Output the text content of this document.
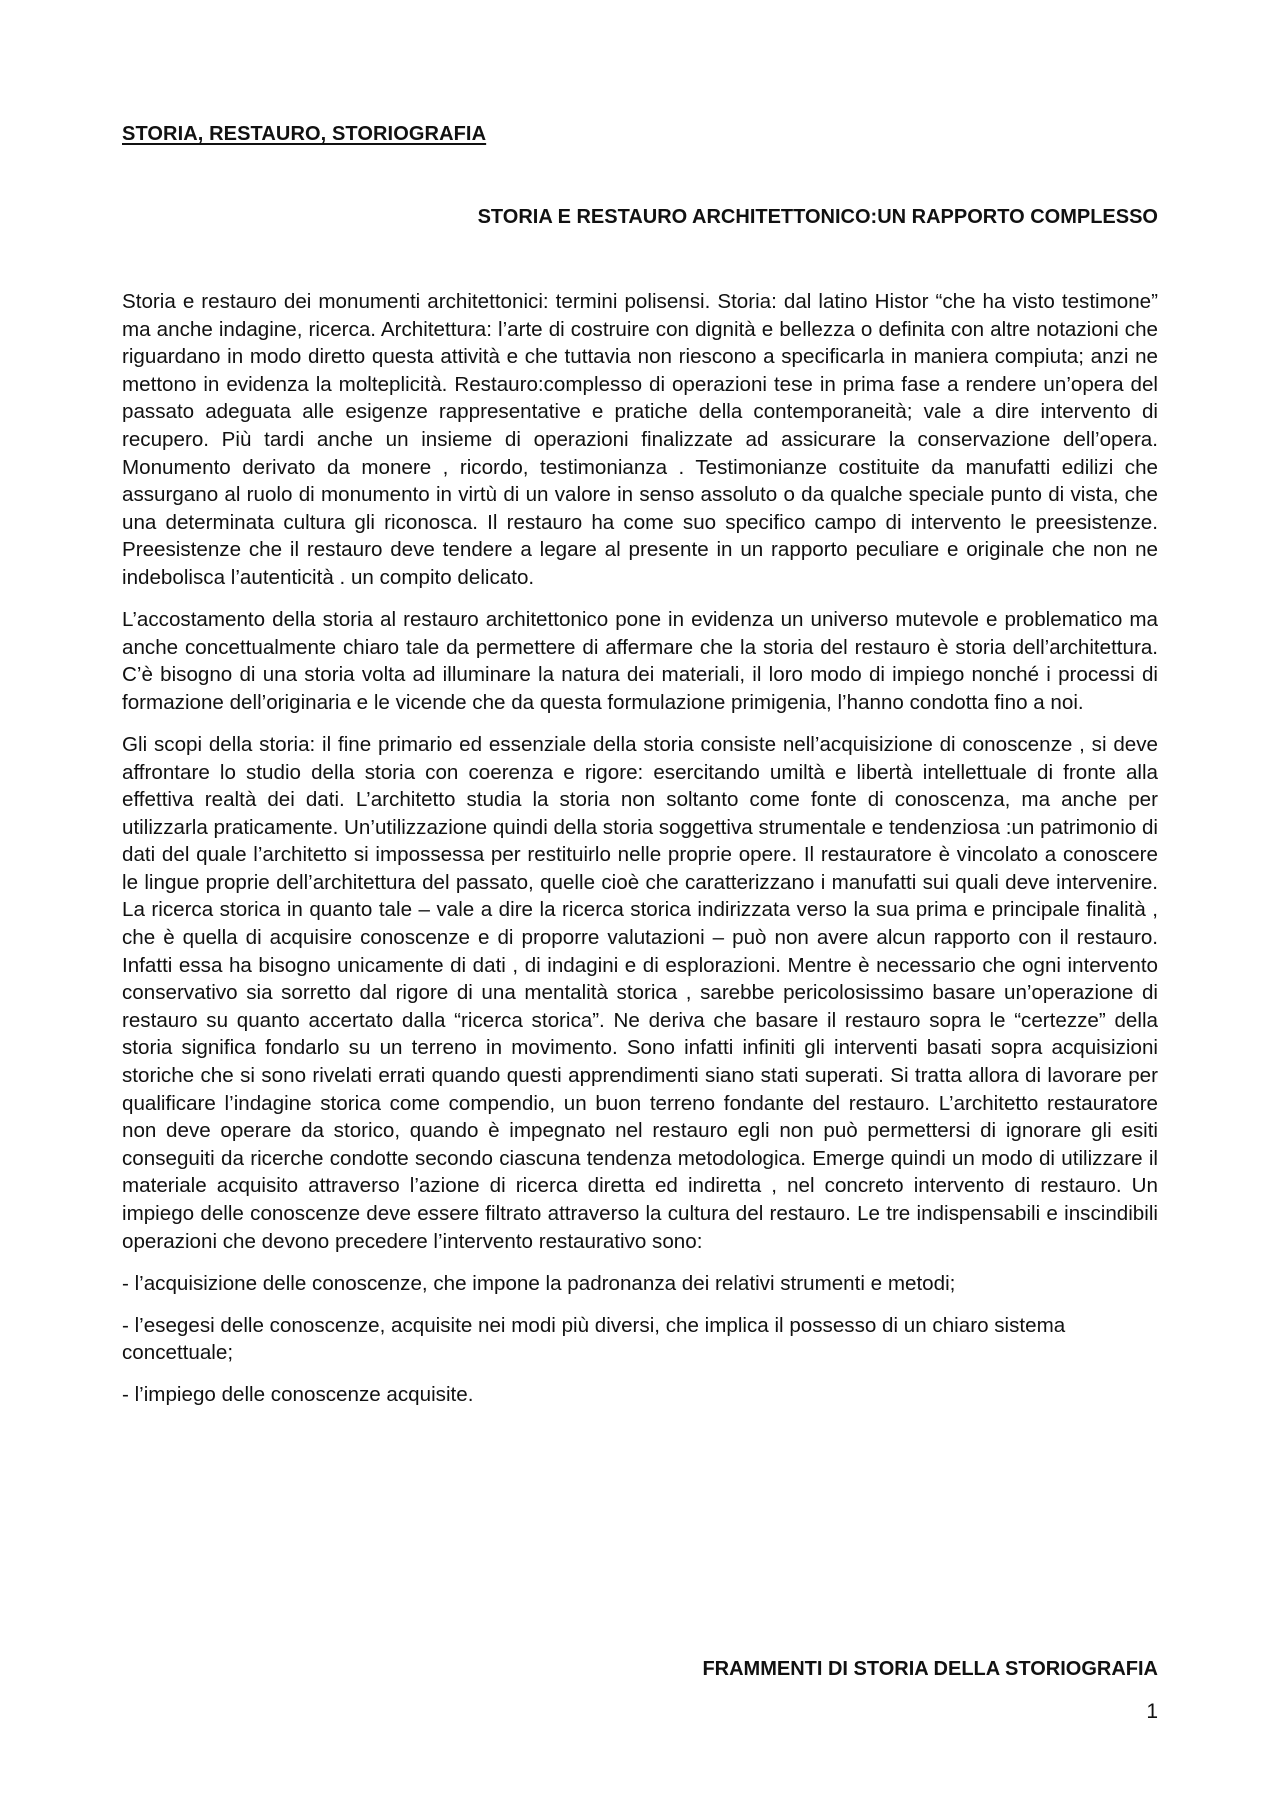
STORIA, RESTAURO, STORIOGRAFIA
STORIA E RESTAURO ARCHITETTONICO:UN RAPPORTO COMPLESSO

Storia e restauro dei monumenti architettonici: termini polisensi. Storia: dal latino Histor “che ha visto testimone” ma anche indagine, ricerca. Architettura: l’arte di costruire con dignità e bellezza o definita con altre notazioni che riguardano in modo diretto questa attività e che tuttavia non riescono a specificarla in maniera compiuta; anzi ne mettono in evidenza la molteplicità. Restauro:complesso di operazioni tese in prima fase a rendere un’opera del passato adeguata alle esigenze rappresentative e pratiche della contemporaneità; vale a dire intervento di recupero. Più tardi anche un insieme di operazioni finalizzate ad assicurare la conservazione dell’opera. Monumento derivato da monere , ricordo, testimonianza . Testimonianze costituite da manufatti edilizi che assurgano al ruolo di monumento in virtù di un valore in senso assoluto o da qualche speciale punto di vista, che una determinata cultura gli riconosca. Il restauro ha come suo specifico campo di intervento le preesistenze. Preesistenze che il restauro deve tendere a legare al presente in un rapporto peculiare e originale che non ne indebolisca l’autenticità . un compito delicato.

L’accostamento della storia al restauro architettonico pone in evidenza un universo mutevole e problematico ma anche concettualmente chiaro tale da permettere di affermare che la storia del restauro è storia dell’architettura. C’è bisogno di una storia volta ad illuminare la natura dei materiali, il loro modo di impiego nonché i processi di formazione dell’originaria e le vicende che da questa formulazione primigenia, l’hanno condotta fino a noi.

Gli scopi della storia: il fine primario ed essenziale della storia consiste nell’acquisizione di conoscenze , si deve affrontare lo studio della storia con coerenza e rigore: esercitando umiltà e libertà intellettuale di fronte alla effettiva realtà dei dati. L’architetto studia la storia non soltanto come fonte di conoscenza, ma anche per utilizzarla praticamente. Un’utilizzazione quindi della storia soggettiva strumentale e tendenziosa :un patrimonio di dati del quale l’architetto si impossessa per restituirlo nelle proprie opere. Il restauratore è vincolato a conoscere le lingue proprie dell’architettura del passato, quelle cioè che caratterizzano i manufatti sui quali deve intervenire. La ricerca storica in quanto tale – vale a dire la ricerca storica indirizzata verso la sua prima e principale finalità , che è quella di acquisire conoscenze e di proporre valutazioni – può non avere alcun rapporto con il restauro. Infatti essa ha bisogno unicamente di dati , di indagini e di esplorazioni. Mentre è necessario che ogni intervento conservativo sia sorretto dal rigore di una mentalità storica , sarebbe pericolosissimo basare un’operazione di restauro su quanto accertato dalla “ricerca storica”. Ne deriva che basare il restauro sopra le “certezze” della storia significa fondarlo su un terreno in movimento. Sono infatti infiniti gli interventi basati sopra acquisizioni storiche che si sono rivelati errati quando questi apprendimenti siano stati superati. Si tratta allora di lavorare per qualificare l’indagine storica come compendio, un buon terreno fondante del restauro. L’architetto restauratore non deve operare da storico, quando è impegnato nel restauro egli non può permettersi di ignorare gli esiti conseguiti da ricerche condotte secondo ciascuna tendenza metodologica. Emerge quindi un modo di utilizzare il materiale acquisito attraverso l’azione di ricerca diretta ed indiretta , nel concreto intervento di restauro. Un impiego delle conoscenze deve essere filtrato attraverso la cultura del restauro. Le tre indispensabili e inscindibili operazioni che devono precedere l’intervento restaurativo sono:

- l’acquisizione delle conoscenze, che impone la padronanza dei relativi strumenti e metodi;

- l’esegesi delle conoscenze, acquisite nei modi più diversi, che implica il possesso di un chiaro sistema concettuale;

- l’impiego delle conoscenze acquisite.

FRAMMENTI DI STORIA DELLA STORIOGRAFIA
1
